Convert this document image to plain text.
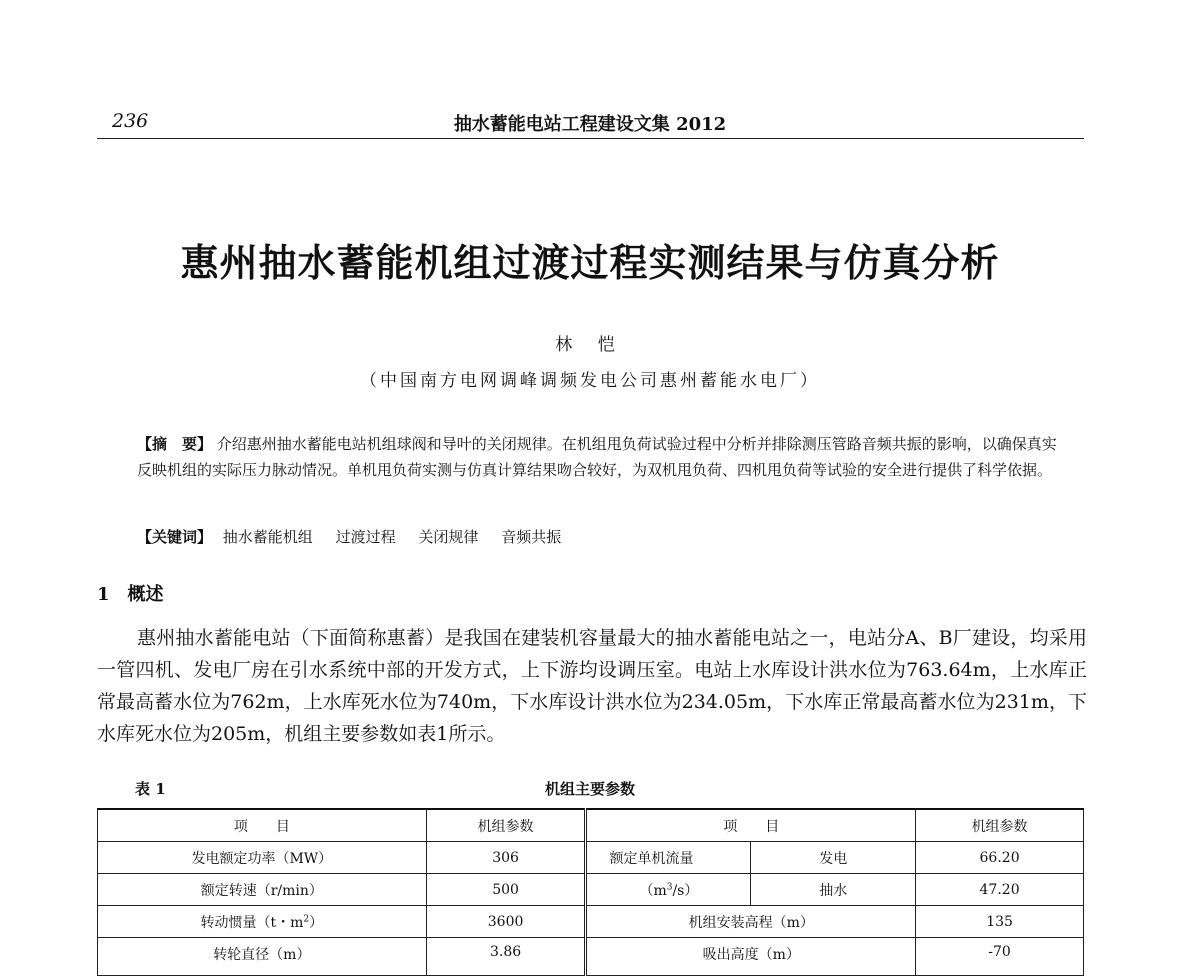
236	抽水蓄能电站工程建设文集 2012
惠州抽水蓄能机组过渡过程实测结果与仿真分析
林 恺
（中国南方电网调峰调频发电公司惠州蓄能水电厂）
【摘　要】 介绍惠州抽水蓄能电站机组球阀和导叶的关闭规律。在机组甩负荷试验过程中分析并排除测压管路音频共振的影响，以确保真实反映机组的实际压力脉动情况。单机甩负荷实测与仿真计算结果吻合较好，为双机甩负荷、四机甩负荷等试验的安全进行提供了科学依据。
【关键词】 抽水蓄能机组 过渡过程 关闭规律 音频共振
1 概述
惠州抽水蓄能电站（下面简称惠蓄）是我国在建装机容量最大的抽水蓄能电站之一，电站分A、B厂建设，均采用一管四机、发电厂房在引水系统中部的开发方式，上下游均设调压室。电站上水库设计洪水位为763.64m，上水库正常最高蓄水位为762m，上水库死水位为740m，下水库设计洪水位为234.05m，下水库正常最高蓄水位为231m，下水库死水位为205m，机组主要参数如表1所示。
表 1	机组主要参数
项　　目	机组参数	项　　目		机组参数
发电额定功率（MW）	306	额定单机流量	发电	66.20
额定转速（r/min）	500	$(m^3/s)$	抽水	47.20
转动惯量（t・$m^2$）	3600	机组安装高程（m）		135
转轮直径（m）	3.86	吸出高度（m）		-70
